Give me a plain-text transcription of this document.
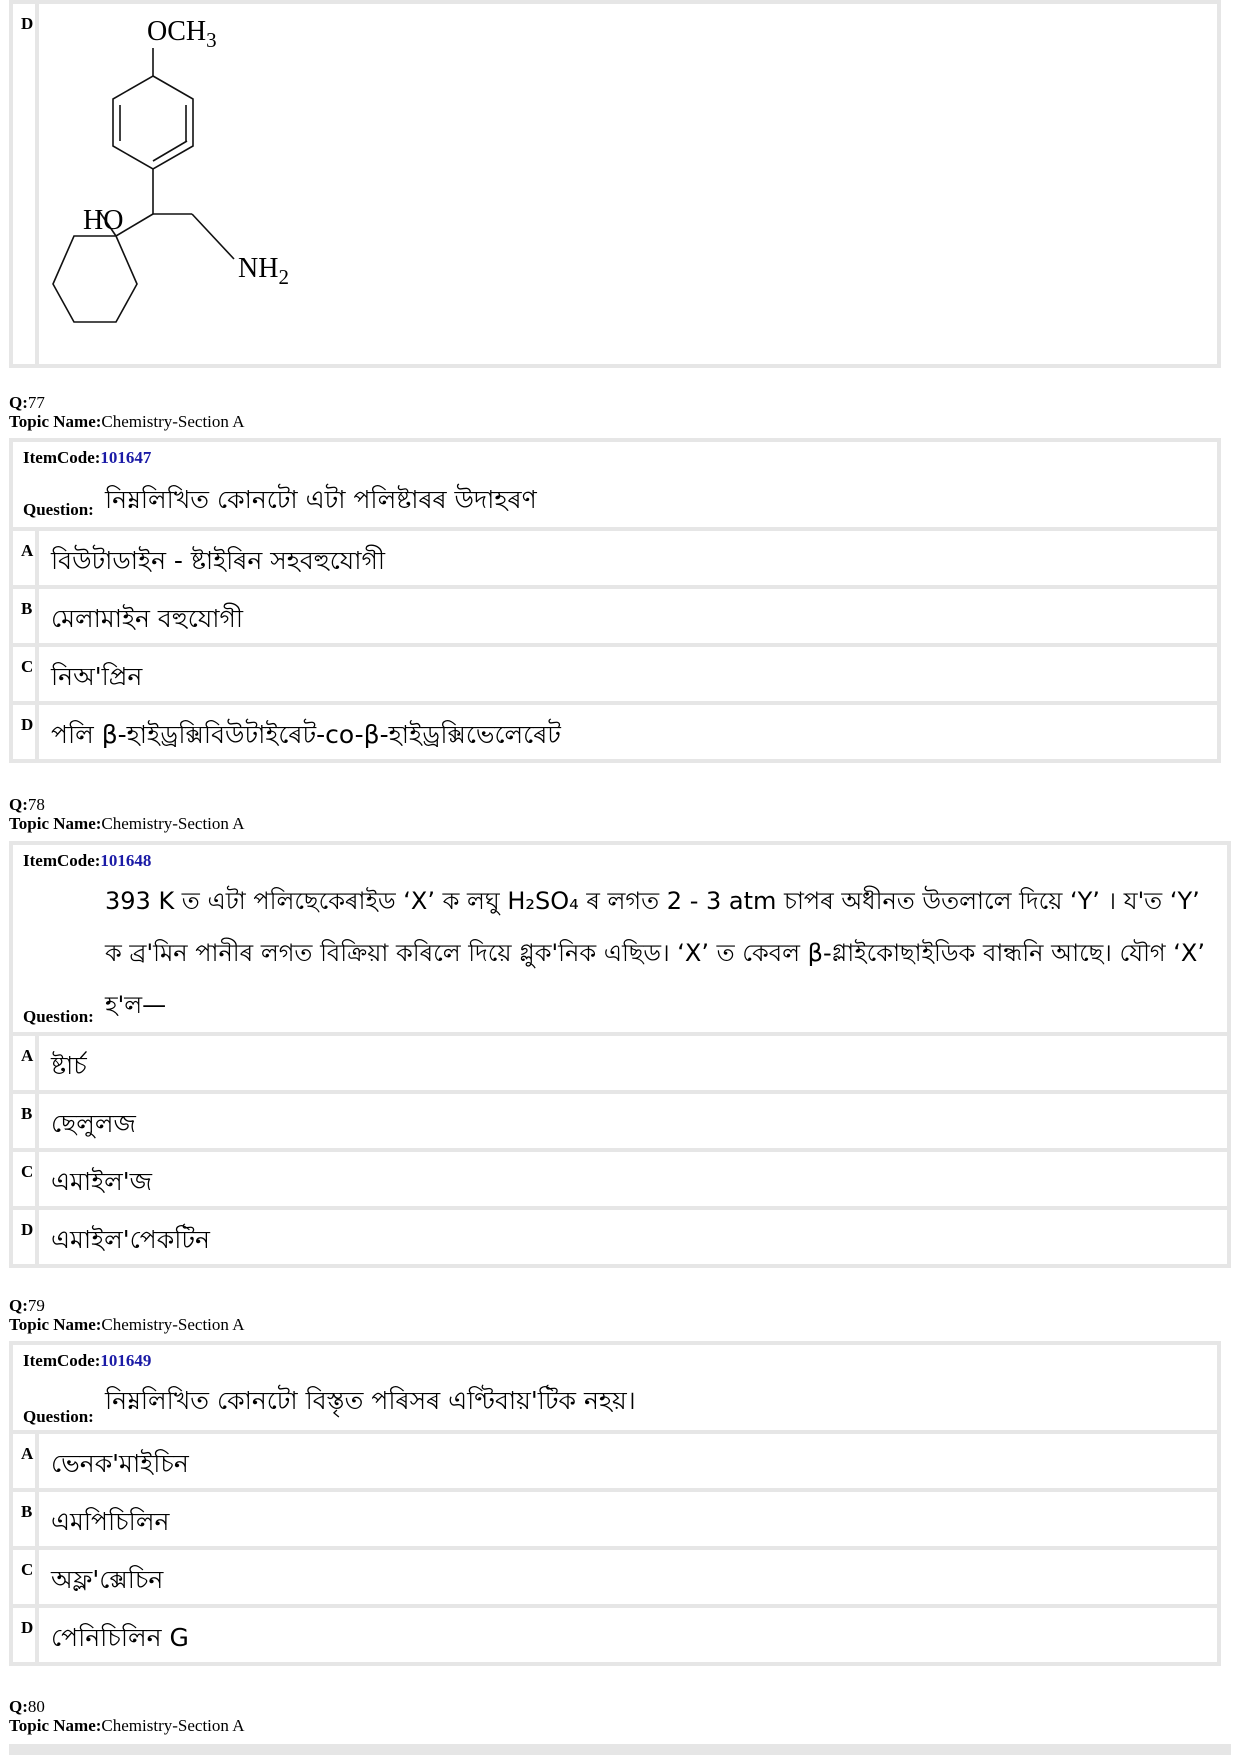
D	$OCH_3$
HO
$NH_2$
Q:77
Topic Name:Chemistry-Section A
ItemCode:101647
Question: নিম্নলিখিত কোনটো এটা পলিষ্টাৰৰ উদাহৰণ
A বিউটাডাইন - ষ্টাইৰিন সহবহুযোগী
B মেলামাইন বহুযোগী
C নিঅ'প্ৰিন
D পলি β-হাইড্ৰক্সিবিউটাইৰেট-co-β-হাইড্ৰক্সিভেলেৰেট
Q:78
Topic Name:Chemistry-Section A
ItemCode:101648
Question:
393 K ত এটা পলিছেকেৰাইড ‘X’ ক লঘু H₂SO₄ ৰ লগত 2 - 3 atm চাপৰ অধীনত উতলালে দিয়ে ‘Y’ । য'ত ‘Y’
ক ব্ৰ'মিন পানীৰ লগত বিক্ৰিয়া কৰিলে দিয়ে গ্লুক'নিক এছিড। ‘X’ ত কেবল β-গ্লাইকোছাইডিক বান্ধনি আছে। যৌগ ‘X’
হ'ল—
A ষ্টাৰ্চ
B ছেলুলজ
C এমাইল'জ
D এমাইল'পেকটিন
Q:79
Topic Name:Chemistry-Section A
ItemCode:101649
Question:
নিম্নলিখিত কোনটো বিস্তৃত পৰিসৰ এণ্টিবায়'টিক নহয়।
A ভেনক'মাইচিন
B এমপিচিলিন
C অফ্ল'ক্সেচিন
D পেনিচিলিন G
Q:80
Topic Name:Chemistry-Section A
